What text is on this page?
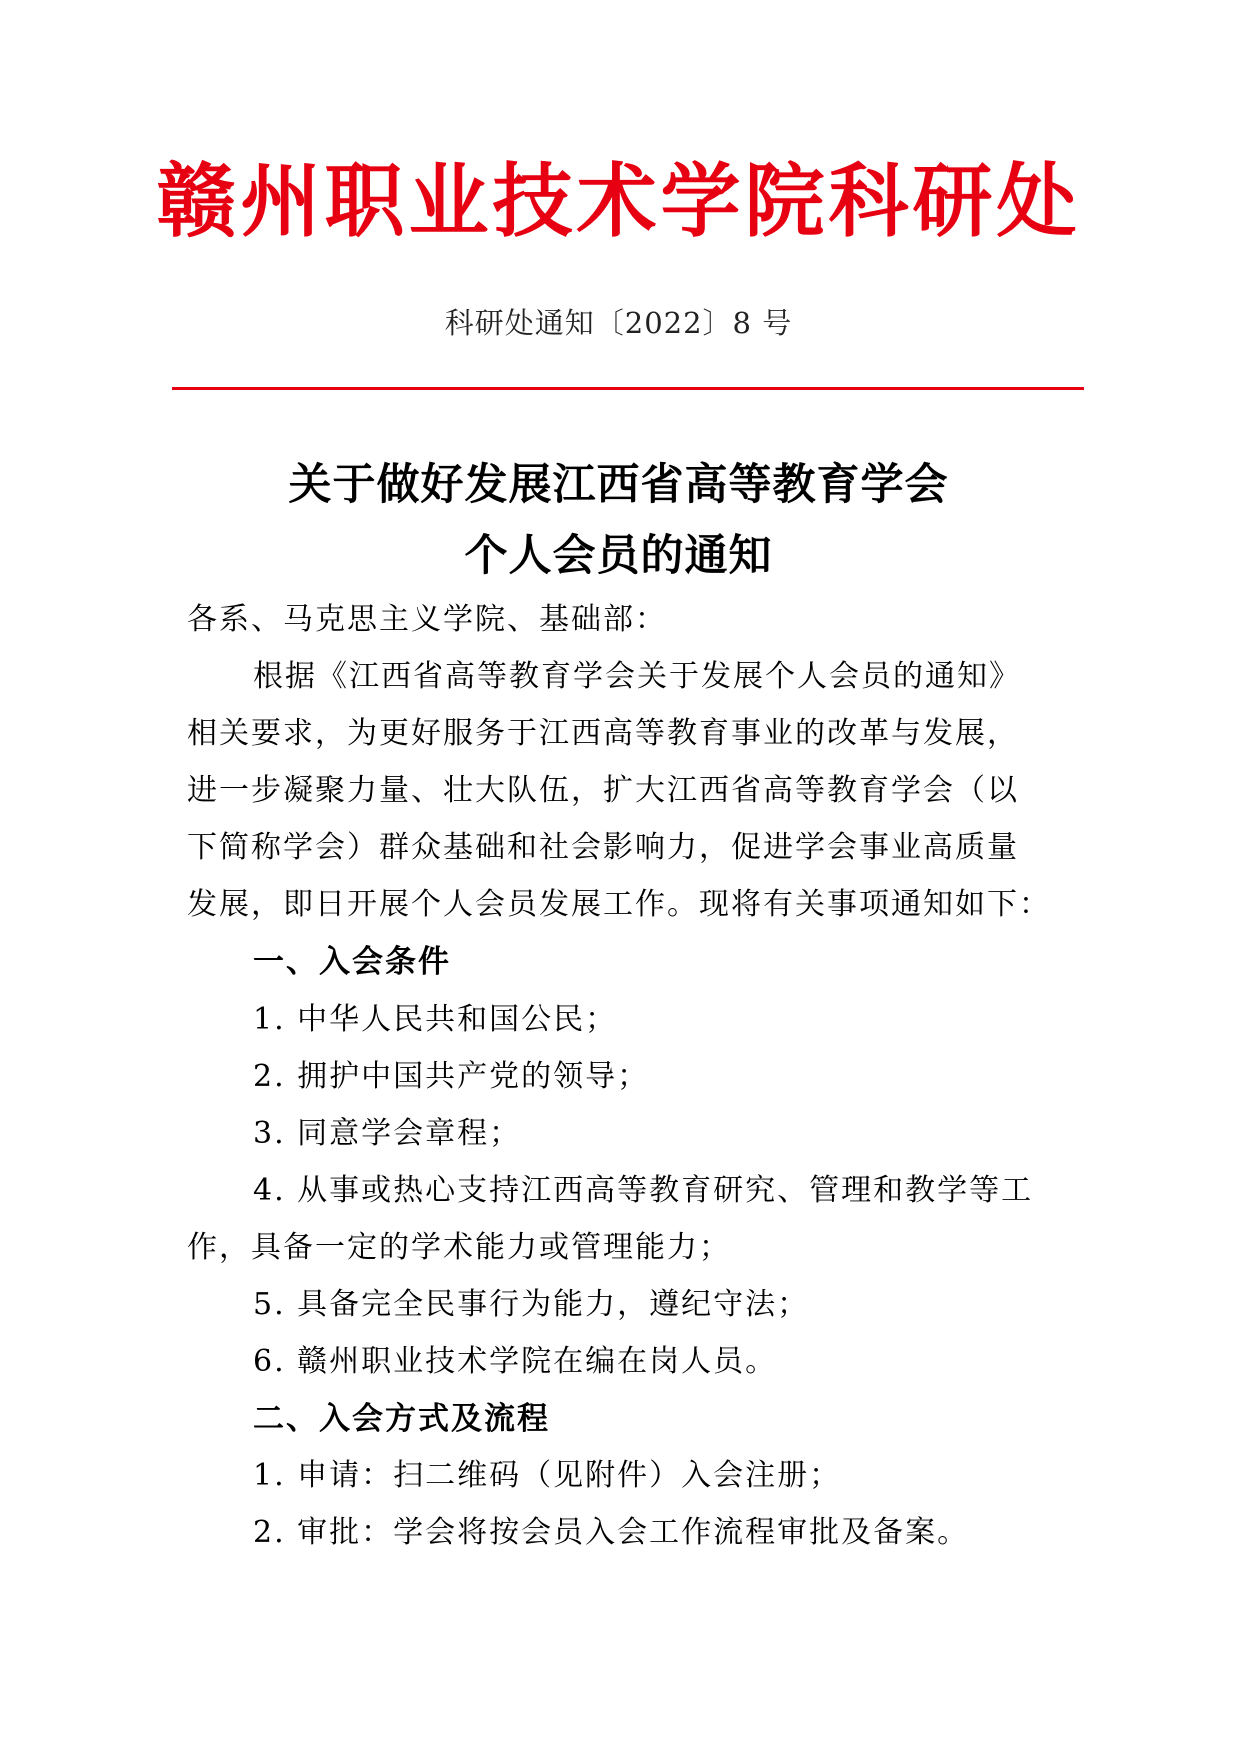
赣州职业技术学院科研处
科研处通知〔2022〕8 号
关于做好发展江西省高等教育学会
个人会员的通知
各系、马克思主义学院、基础部：
根据《江西省高等教育学会关于发展个人会员的通知》
相关要求，为更好服务于江西高等教育事业的改革与发展，
进一步凝聚力量、壮大队伍，扩大江西省高等教育学会（以
下简称学会）群众基础和社会影响力，促进学会事业高质量
发展，即日开展个人会员发展工作。现将有关事项通知如下：
一、入会条件
1. 中华人民共和国公民；
2. 拥护中国共产党的领导；
3. 同意学会章程；
4. 从事或热心支持江西高等教育研究、管理和教学等工
作，具备一定的学术能力或管理能力；
5. 具备完全民事行为能力，遵纪守法；
6. 赣州职业技术学院在编在岗人员。
二、入会方式及流程
1. 申请：扫二维码（见附件）入会注册；
2. 审批：学会将按会员入会工作流程审批及备案。
